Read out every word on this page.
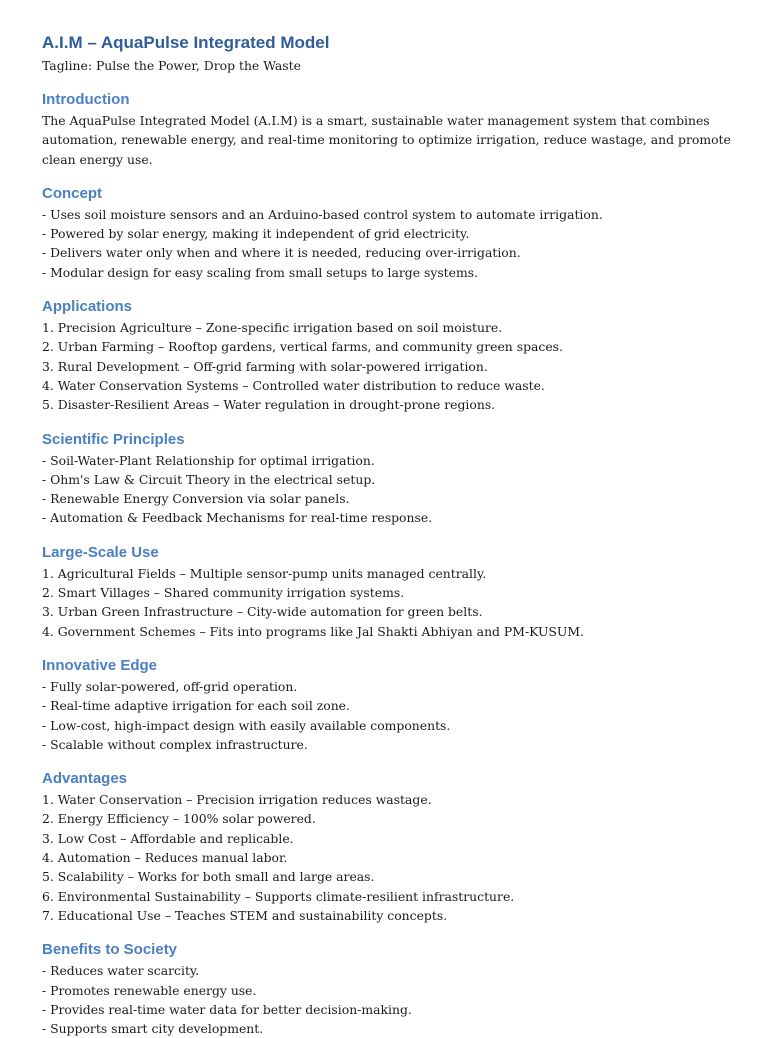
A.I.M – AquaPulse Integrated Model

Tagline: Pulse the Power, Drop the Waste

Introduction

The AquaPulse Integrated Model (A.I.M) is a smart, sustainable water management system that combines automation, renewable energy, and real-time monitoring to optimize irrigation, reduce wastage, and promote clean energy use.

Concept
- Uses soil moisture sensors and an Arduino-based control system to automate irrigation.
- Powered by solar energy, making it independent of grid electricity.
- Delivers water only when and where it is needed, reducing over-irrigation.
- Modular design for easy scaling from small setups to large systems.
Applications
1. Precision Agriculture – Zone-specific irrigation based on soil moisture.
2. Urban Farming – Rooftop gardens, vertical farms, and community green spaces.
3. Rural Development – Off-grid farming with solar-powered irrigation.
4. Water Conservation Systems – Controlled water distribution to reduce waste.
5. Disaster-Resilient Areas – Water regulation in drought-prone regions.
Scientific Principles
- Soil-Water-Plant Relationship for optimal irrigation.
- Ohm's Law & Circuit Theory in the electrical setup.
- Renewable Energy Conversion via solar panels.
- Automation & Feedback Mechanisms for real-time response.
Large-Scale Use
1. Agricultural Fields – Multiple sensor-pump units managed centrally.
2. Smart Villages – Shared community irrigation systems.
3. Urban Green Infrastructure – City-wide automation for green belts.
4. Government Schemes – Fits into programs like Jal Shakti Abhiyan and PM-KUSUM.
Innovative Edge
- Fully solar-powered, off-grid operation.
- Real-time adaptive irrigation for each soil zone.
- Low-cost, high-impact design with easily available components.
- Scalable without complex infrastructure.
Advantages
1. Water Conservation – Precision irrigation reduces wastage.
2. Energy Efficiency – 100% solar powered.
3. Low Cost – Affordable and replicable.
4. Automation – Reduces manual labor.
5. Scalability – Works for both small and large areas.
6. Environmental Sustainability – Supports climate-resilient infrastructure.
7. Educational Use – Teaches STEM and sustainability concepts.
Benefits to Society
- Reduces water scarcity.
- Promotes renewable energy use.
- Provides real-time water data for better decision-making.
- Supports smart city development.
